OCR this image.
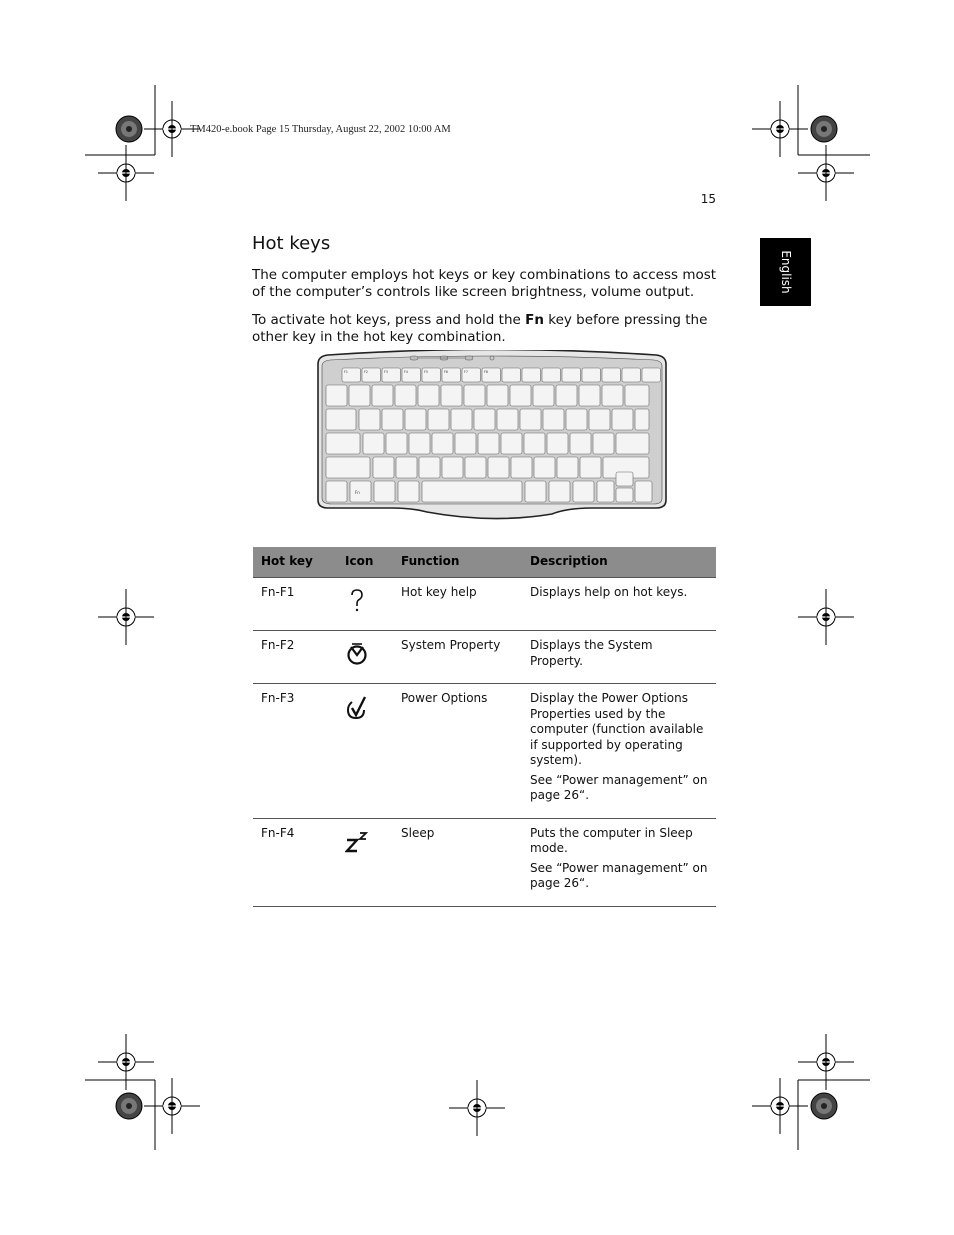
TM420-e.book Page 15 Thursday, August 22, 2002 10:00 AM
15
English
Hot keys

The computer employs hot keys or key combinations to access most of the computer’s controls like screen brightness, volume output.

To activate hot keys, press and hold the Fn key before pressing the other key in the hot key combination.

Fn
F1	F2	F3	F4	F5	F6	F7	F8
Hot key	Icon	Function	Description
Fn-F1		Hot key help	Displays help on hot keys.

Fn-F2		System Property	Displays the System Property.

Fn-F3		Power Options	Display the Power Options Properties used by the computer (function available if supported by operating system).

See “Power management” on page 26“.

Fn-F4		Sleep	Puts the computer in Sleep mode.

See “Power management” on page 26“.
